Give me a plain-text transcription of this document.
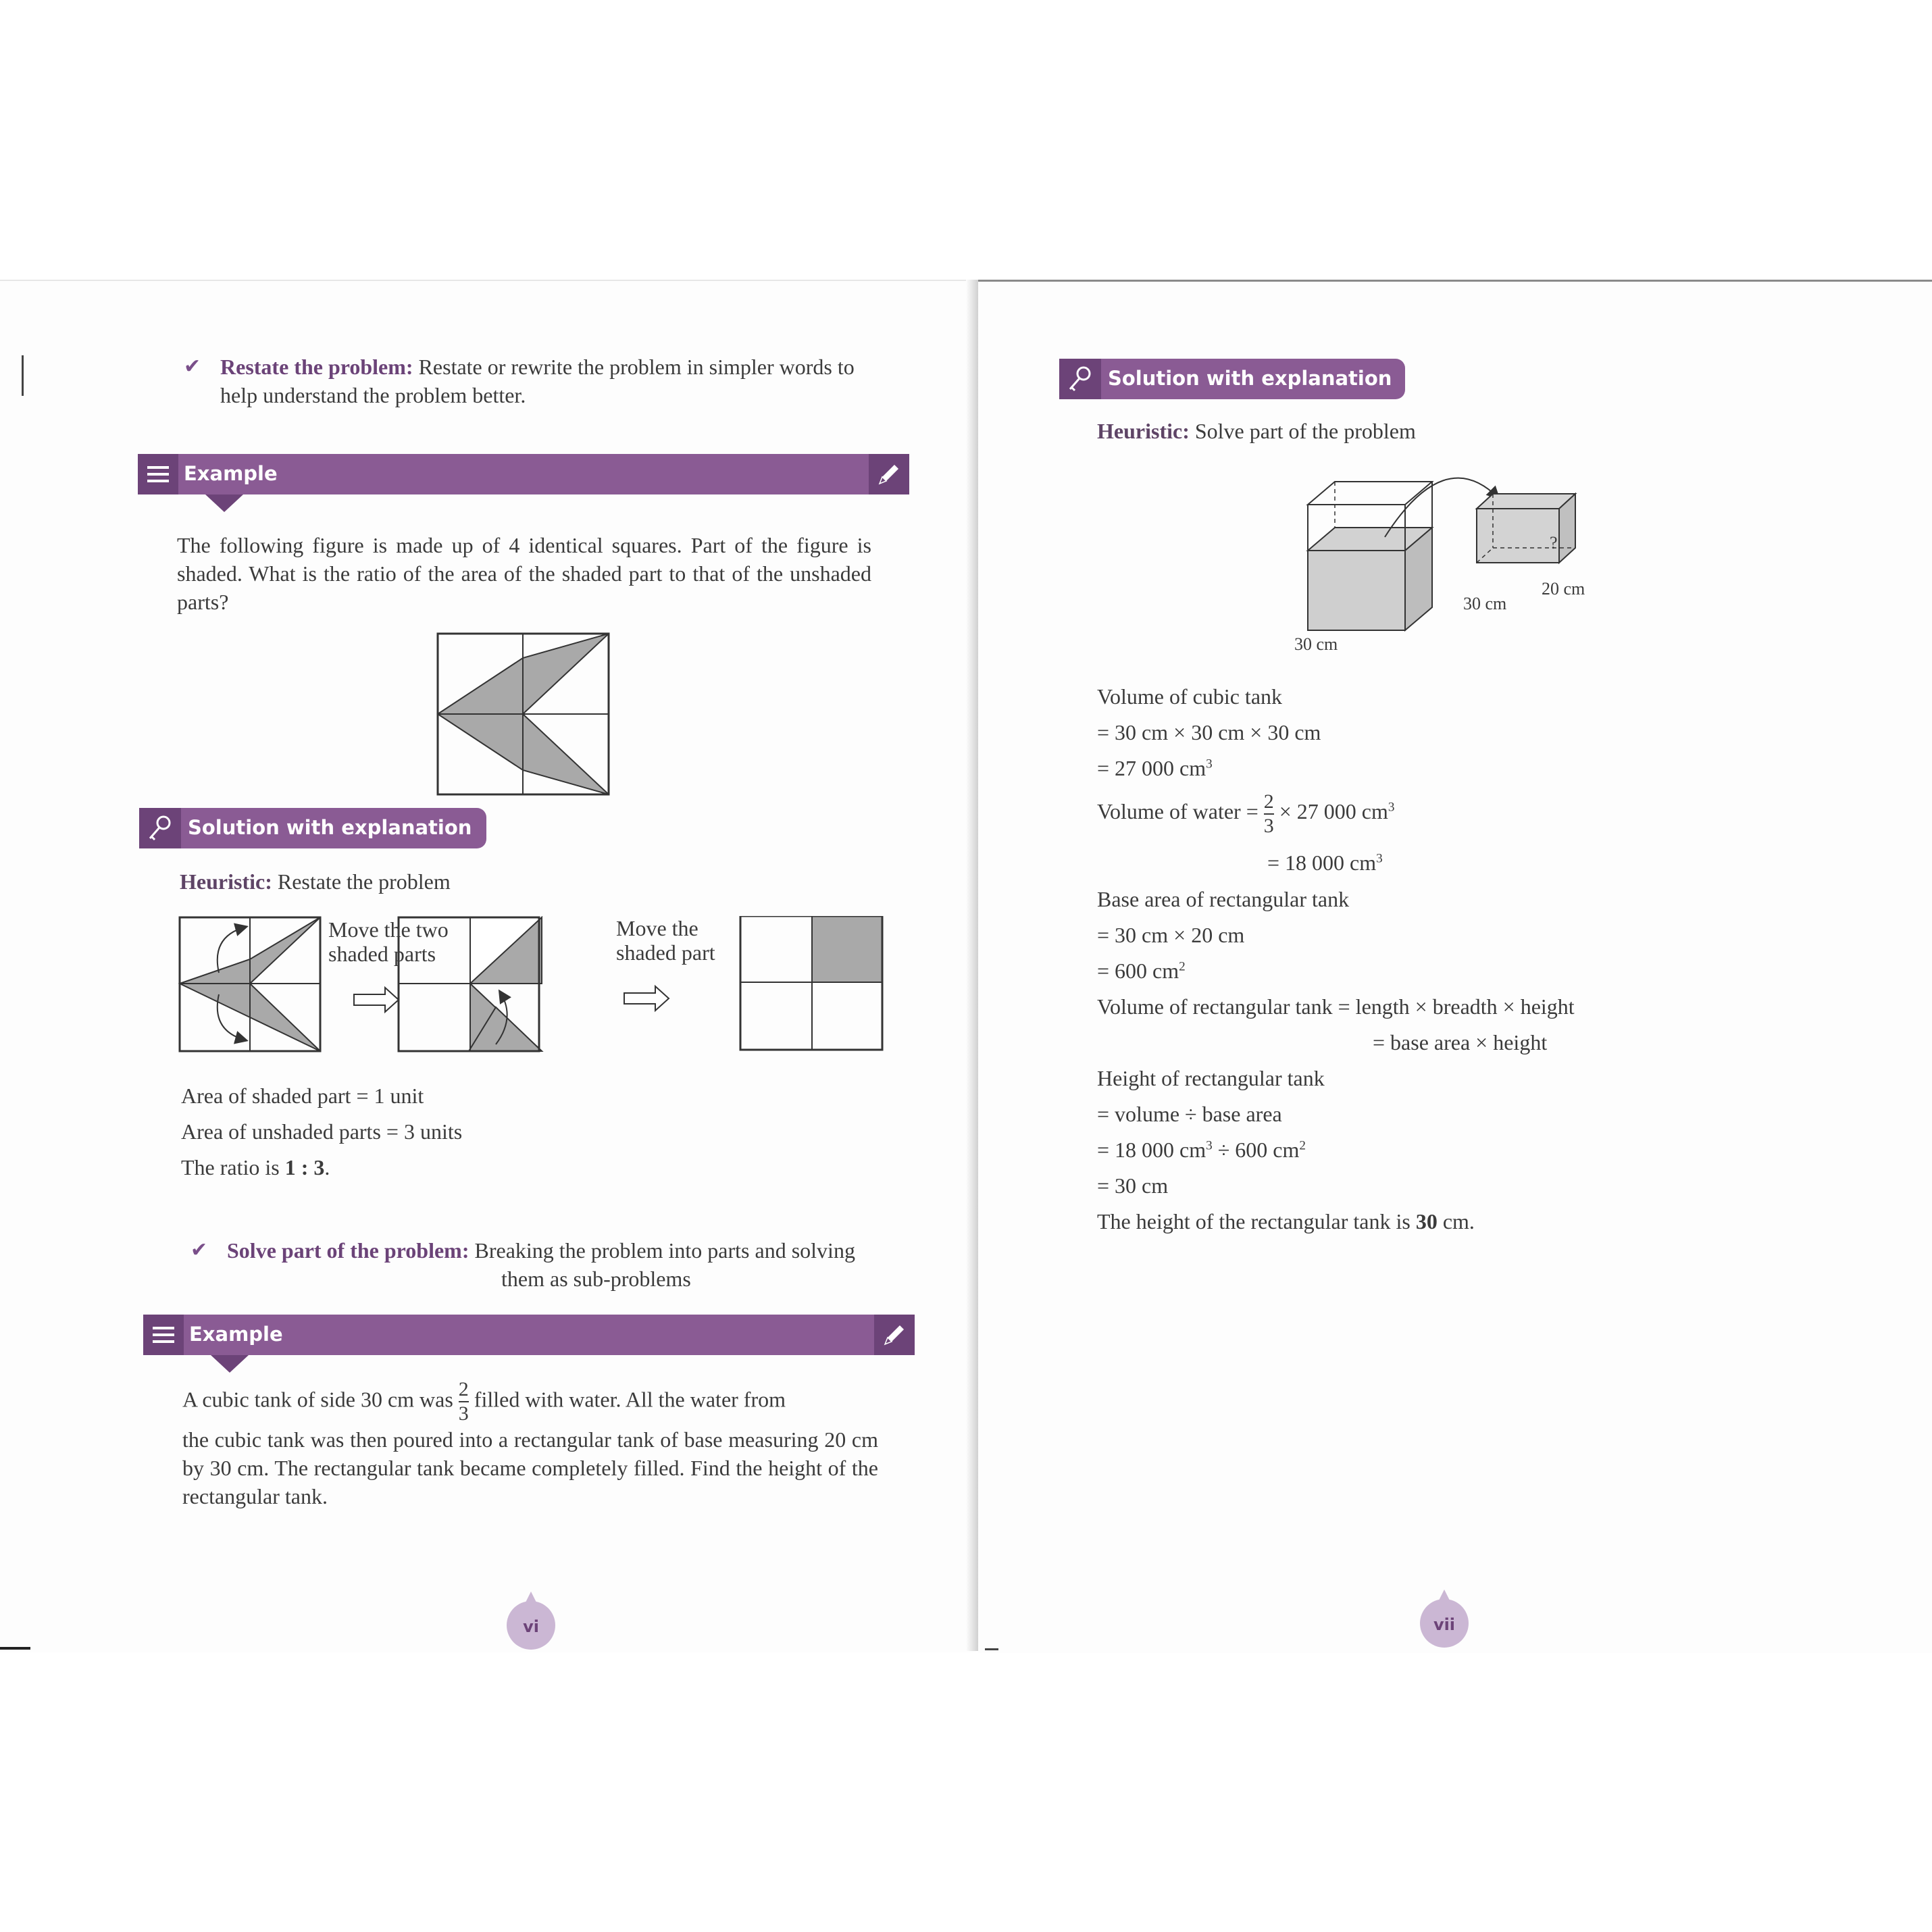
✔ Restate the problem: Restate or rewrite the problem in simpler words to
help understand the problem better.
Example
The following figure is made up of 4 identical squares. Part of the figure is shaded. What is the ratio of the area of the shaded part to that of the unshaded parts?
Solution with explanation
Heuristic: Restate the problem
Move the two
shaded parts
Move the
shaded part
Area of shaded part = 1 unit
Area of unshaded parts = 3 units
The ratio is 1 : 3.
✔ Solve part of the problem: Breaking the problem into parts and solving
them as sub-problems
Example
A cubic tank of side 30 cm was $\frac{2}{3}$ filled with water. All the water from
the cubic tank was then poured into a rectangular tank of base measuring 20 cm by 30 cm. The rectangular tank became completely filled. Find the height of the rectangular tank.
vi
Solution with explanation
Heuristic: Solve part of the problem
30 cm
30 cm
20 cm
?
Volume of cubic tank
= 30 cm × 30 cm × 30 cm
= 27 000 $cm^3$
Volume of water = $\frac{2}{3} \times 27$ 000 $cm^3$
= 18 000 $cm^3$
Base area of rectangular tank
= 30 cm × 20 cm
= 600 $cm^2$
Volume of rectangular tank = length × breadth × height
= base area × height
Height of rectangular tank
= volume ÷ base area
= 18 000 $cm^3 \div 600$ $cm^2$
= 30 cm
The height of the rectangular tank is 30 cm.
vii
